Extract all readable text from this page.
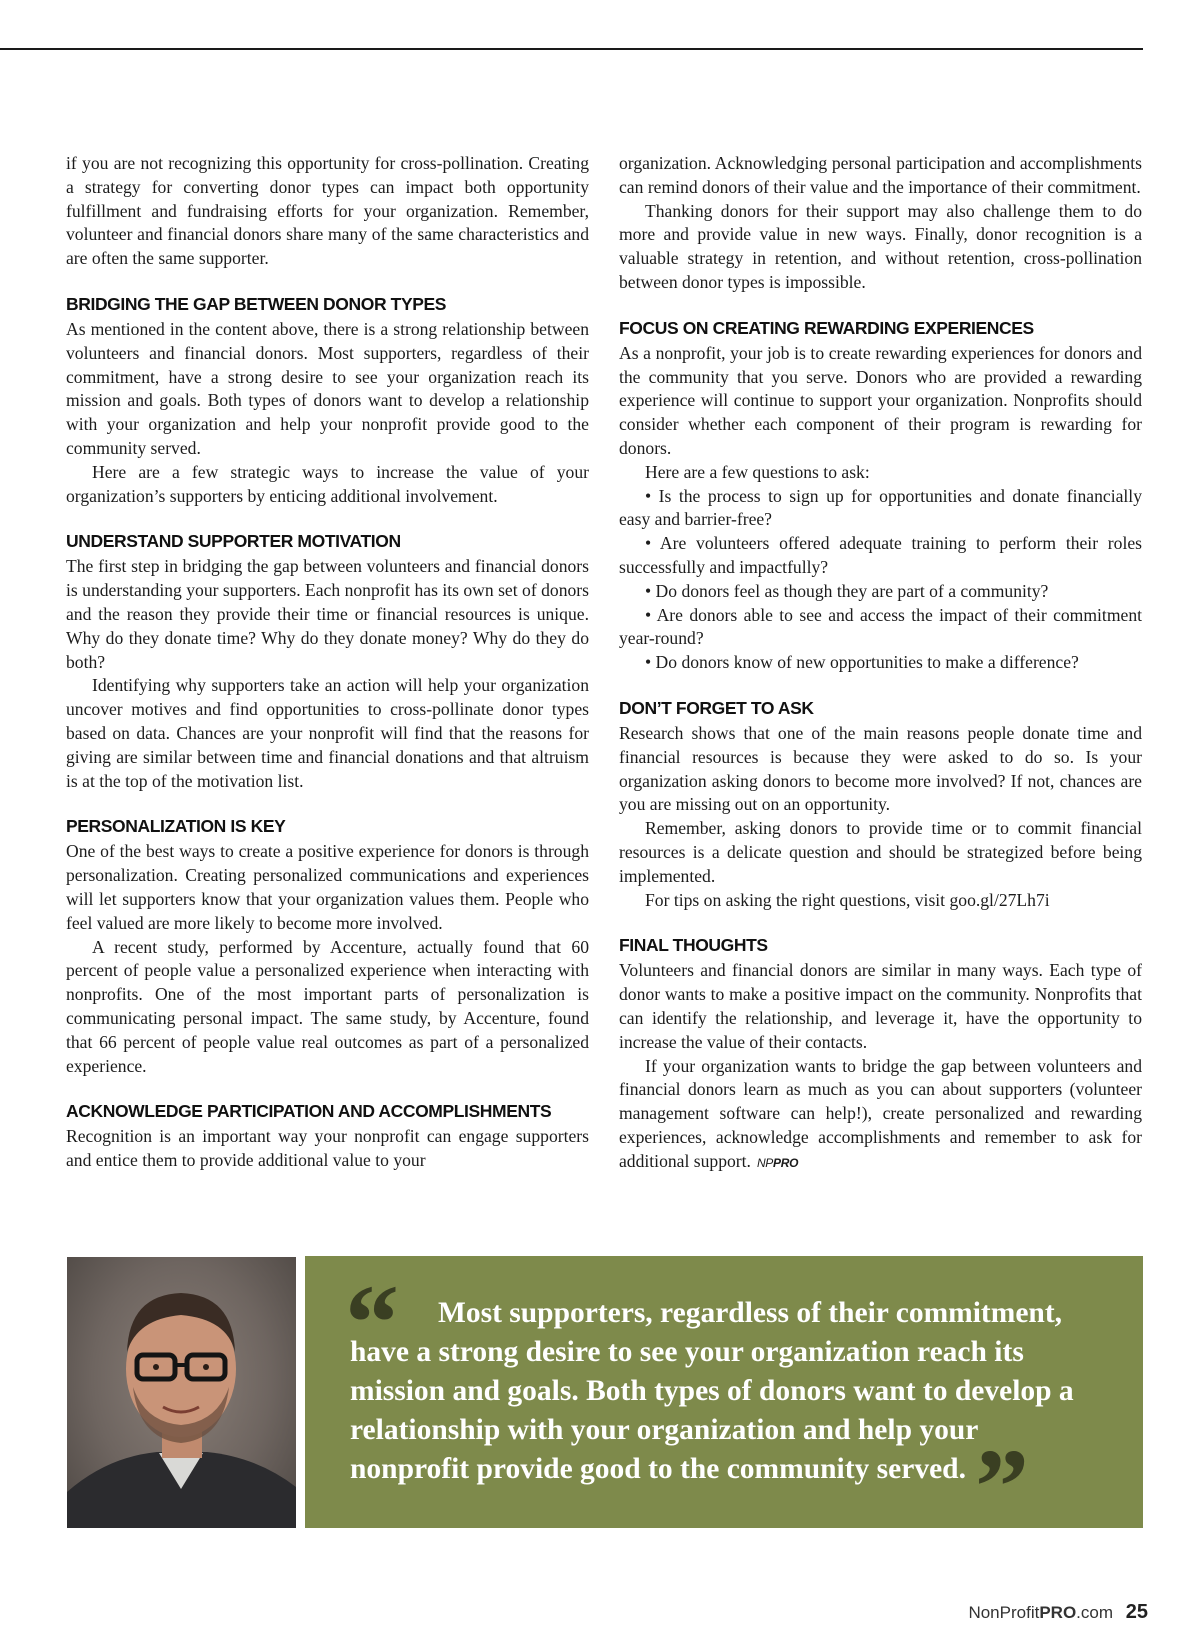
if you are not recognizing this opportunity for cross-pollination. Creating a strategy for converting donor types can impact both opportunity fulfillment and fundraising efforts for your organization. Remember, volunteer and financial donors share many of the same characteristics and are often the same supporter.

BRIDGING THE GAP BETWEEN DONOR TYPES

As mentioned in the content above, there is a strong relationship between volunteers and financial donors. Most supporters, regardless of their commitment, have a strong desire to see your organization reach its mission and goals. Both types of donors want to develop a relationship with your organization and help your nonprofit provide good to the community served.

Here are a few strategic ways to increase the value of your organization’s supporters by enticing additional involvement.

UNDERSTAND SUPPORTER MOTIVATION

The first step in bridging the gap between volunteers and financial donors is understanding your supporters. Each nonprofit has its own set of donors and the reason they provide their time or financial resources is unique. Why do they donate time? Why do they donate money? Why do they do both?

Identifying why supporters take an action will help your organization uncover motives and find opportunities to cross-pollinate donor types based on data. Chances are your nonprofit will find that the reasons for giving are similar between time and financial donations and that altruism is at the top of the motivation list.

PERSONALIZATION IS KEY

One of the best ways to create a positive experience for donors is through personalization. Creating personalized communications and experiences will let supporters know that your organization values them. People who feel valued are more likely to become more involved.

A recent study, performed by Accenture, actually found that 60 percent of people value a personalized experience when interacting with nonprofits. One of the most important parts of personalization is communicating personal impact. The same study, by Accenture, found that 66 percent of people value real outcomes as part of a personalized experience.

ACKNOWLEDGE PARTICIPATION AND ACCOMPLISHMENTS

Recognition is an important way your nonprofit can engage supporters and entice them to provide additional value to your

organization. Acknowledging personal participation and accomplishments can remind donors of their value and the importance of their commitment.

Thanking donors for their support may also challenge them to do more and provide value in new ways. Finally, donor recognition is a valuable strategy in retention, and without retention, cross-pollination between donor types is impossible.

FOCUS ON CREATING REWARDING EXPERIENCES

As a nonprofit, your job is to create rewarding experiences for donors and the community that you serve. Donors who are provided a rewarding experience will continue to support your organization. Nonprofits should consider whether each component of their program is rewarding for donors.

Here are a few questions to ask:

• Is the process to sign up for opportunities and donate financially easy and barrier-free?

• Are volunteers offered adequate training to perform their roles successfully and impactfully?

• Do donors feel as though they are part of a community?

• Are donors able to see and access the impact of their commitment year-round?

• Do donors know of new opportunities to make a difference?

DON’T FORGET TO ASK

Research shows that one of the main reasons people donate time and financial resources is because they were asked to do so. Is your organization asking donors to become more involved? If not, chances are you are missing out on an opportunity.

Remember, asking donors to provide time or to commit financial resources is a delicate question and should be strategized before being implemented.

For tips on asking the right questions, visit goo.gl/27Lh7i

FINAL THOUGHTS

Volunteers and financial donors are similar in many ways. Each type of donor wants to make a positive impact on the community. Nonprofits that can identify the relationship, and leverage it, have the opportunity to increase the value of their contacts.

If your organization wants to bridge the gap between volunteers and financial donors learn as much as you can about supporters (volunteer management software can help!), create personalized and rewarding experiences, acknowledge accomplishments and remember to ask for additional support. NPPRO

“	Most supporters, regardless of their commitment, have a strong desire to see your organization reach its mission and goals. Both types of donors want to develop a relationship with your organization and help your nonprofit provide good to the community served. ”
NonProfitPRO.com 25
